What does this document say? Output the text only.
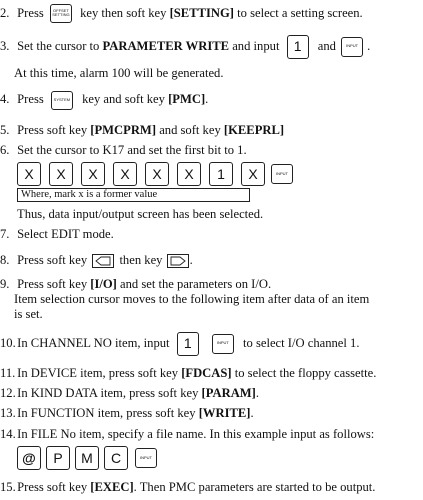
2. Press OFFSET
SETTING key then soft key [SETTING] to select a setting screen.
3. Set the cursor to PARAMETER WRITE and input	1	and	INPUT .
At this time, alarm 100 will be generated.
4. Press	SYSTEM key and soft key [PMC].
5. Press soft key [PMCPRM] and soft key [KEEPRL]
6. Set the cursor to K17 and set the first bit to 1.
X	X	X	X	X	X	1	X	INPUT
Where, mark x is a former value
Thus, data input/output screen has been selected.
7. Select EDIT mode.
8. Press soft key	then key .
9. Press soft key [I/O] and set the parameters on I/O.
Item selection cursor moves to the following item after data of an item
is set.
10. In CHANNEL NO item, input	1
	INPUT	to select I/O channel 1.
11. In DEVICE item, press soft key [FDCAS] to select the floppy cassette.
12. In KIND DATA item, press soft key [PARAM].
13. In FUNCTION item, press soft key [WRITE].
14. In FILE No item, specify a file name. In this example input as follows:
@	P	M	C	INPUT
15. Press soft key [EXEC]. Then PMC parameters are started to be output.
